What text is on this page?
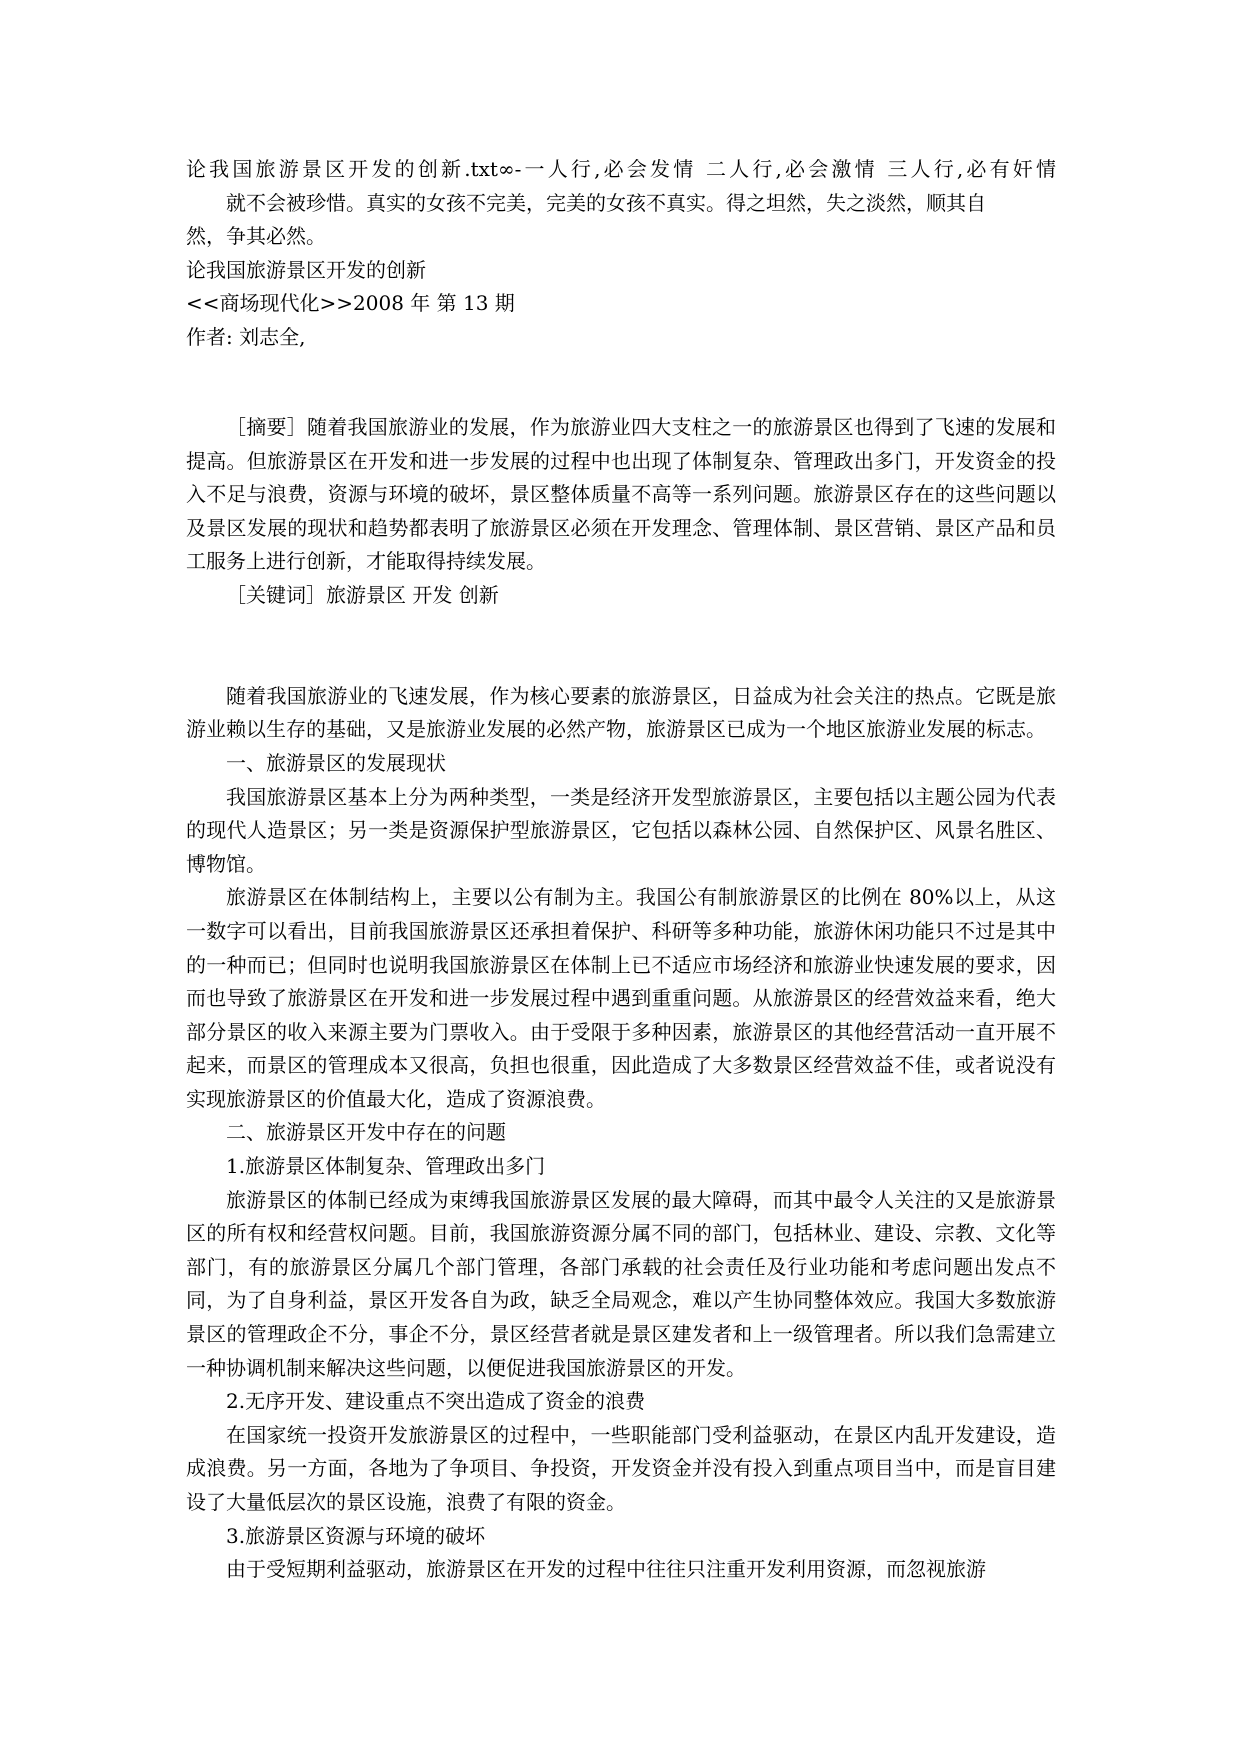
论我国旅游景区开发的创新.txt∞-一人行,必会发情 二人行,必会激情 三人行,必有奸情
就不会被珍惜。真实的女孩不完美，完美的女孩不真实。得之坦然，失之淡然，顺其自
然，争其必然。
论我国旅游景区开发的创新
<<商场现代化>>2008 年 第 13 期
作者: 刘志全,

［摘要］随着我国旅游业的发展，作为旅游业四大支柱之一的旅游景区也得到了飞速的发展和提高。但旅游景区在开发和进一步发展的过程中也出现了体制复杂、管理政出多门，开发资金的投入不足与浪费，资源与环境的破坏，景区整体质量不高等一系列问题。旅游景区存在的这些问题以及景区发展的现状和趋势都表明了旅游景区必须在开发理念、管理体制、景区营销、景区产品和员工服务上进行创新，才能取得持续发展。

［关键词］旅游景区 开发 创新

随着我国旅游业的飞速发展，作为核心要素的旅游景区，日益成为社会关注的热点。它既是旅游业赖以生存的基础，又是旅游业发展的必然产物，旅游景区已成为一个地区旅游业发展的标志。

一、旅游景区的发展现状

我国旅游景区基本上分为两种类型，一类是经济开发型旅游景区，主要包括以主题公园为代表的现代人造景区；另一类是资源保护型旅游景区，它包括以森林公园、自然保护区、风景名胜区、博物馆。

旅游景区在体制结构上，主要以公有制为主。我国公有制旅游景区的比例在 80%以上，从这一数字可以看出，目前我国旅游景区还承担着保护、科研等多种功能，旅游休闲功能只不过是其中的一种而已；但同时也说明我国旅游景区在体制上已不适应市场经济和旅游业快速发展的要求，因而也导致了旅游景区在开发和进一步发展过程中遇到重重问题。从旅游景区的经营效益来看，绝大部分景区的收入来源主要为门票收入。由于受限于多种因素，旅游景区的其他经营活动一直开展不起来，而景区的管理成本又很高，负担也很重，因此造成了大多数景区经营效益不佳，或者说没有实现旅游景区的价值最大化，造成了资源浪费。

二、旅游景区开发中存在的问题

1.旅游景区体制复杂、管理政出多门

旅游景区的体制已经成为束缚我国旅游景区发展的最大障碍，而其中最令人关注的又是旅游景区的所有权和经营权问题。目前，我国旅游资源分属不同的部门，包括林业、建设、宗教、文化等部门，有的旅游景区分属几个部门管理，各部门承载的社会责任及行业功能和考虑问题出发点不同，为了自身利益，景区开发各自为政，缺乏全局观念，难以产生协同整体效应。我国大多数旅游景区的管理政企不分，事企不分，景区经营者就是景区建发者和上一级管理者。所以我们急需建立一种协调机制来解决这些问题，以便促进我国旅游景区的开发。

2.无序开发、建设重点不突出造成了资金的浪费

在国家统一投资开发旅游景区的过程中，一些职能部门受利益驱动，在景区内乱开发建设，造成浪费。另一方面，各地为了争项目、争投资，开发资金并没有投入到重点项目当中，而是盲目建设了大量低层次的景区设施，浪费了有限的资金。

3.旅游景区资源与环境的破坏

由于受短期利益驱动，旅游景区在开发的过程中往往只注重开发利用资源，而忽视旅游
